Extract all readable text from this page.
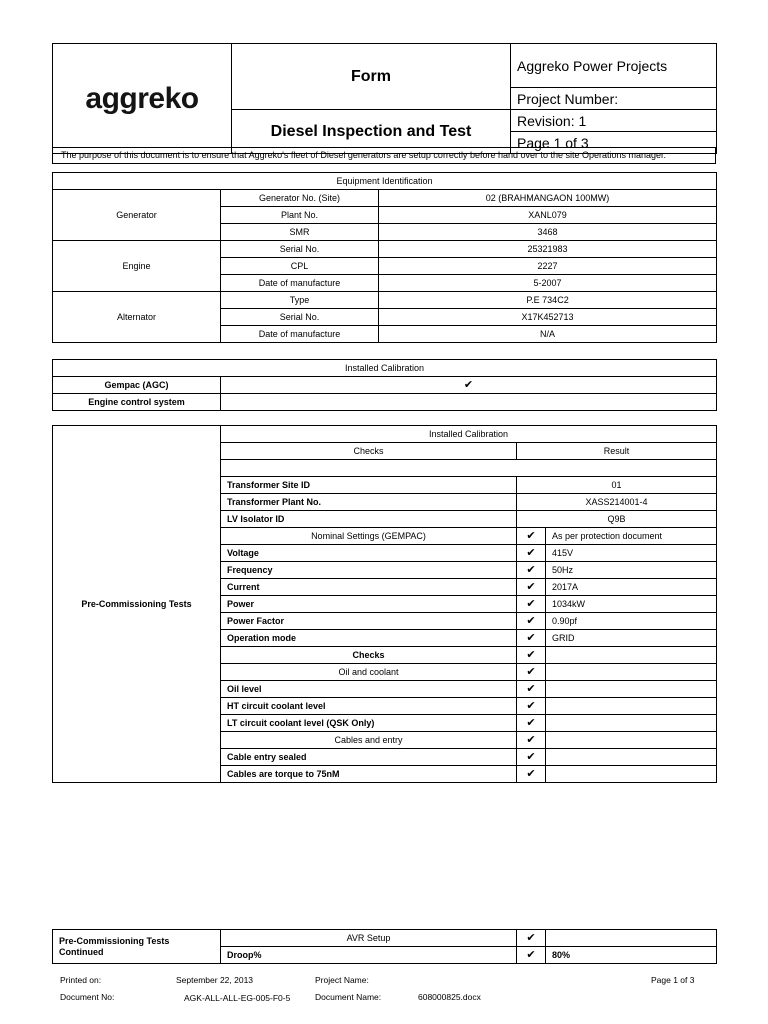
aggreko	Form	Aggreko Power Projects
		Project Number:
	Diesel Inspection and Test	Revision: 1
		Page 1 of 3
The purpose of this document is to ensure that Aggreko's fleet of Diesel generators are setup correctly before hand over to the site Operations manager.
Equipment Identification		
Generator	Generator No. (Site)	02 (BRAHMANGAON 100MW)
	Plant No.	XANL079
	SMR	3468
Engine	Serial No.	25321983
	CPL	2227
	Date of manufacture	5-2007
Alternator	Type	P.E 734C2
	Serial No.	X17K452713
	Date of manufacture	N/A
Installed Calibration	
Gempac (AGC)	✔
Engine control system	
Pre-Commissioning Tests	Installed Calibration		
	Checks	Result	

	Transformer Site ID	01	
	Transformer Plant No.	XASS214001-4	
	LV Isolator ID	Q9B	
	Nominal Settings (GEMPAC)	✔	As per protection document
	Voltage	✔	415V
	Frequency	✔	50Hz
	Current	✔	2017A
	Power	✔	1034kW
	Power Factor	✔	0.90pf
	Operation mode	✔	GRID
	Checks	✔	
	Oil and coolant	✔	
	Oil level	✔	
	HT circuit coolant level	✔	
	LT circuit coolant level (QSK Only)	✔	
	Cables and entry	✔	
	Cable entry sealed	✔	
	Cables are torque to 75nM	✔	
Pre-Commissioning Tests Continued	AVR Setup	✔	
	Droop%	✔	80%
Printed on:	September 22, 2013	Project Name:	Page 1 of 3
Document No:	AGK-ALL-ALL-EG-005-F0-5	Document Name:	608000825.docx
